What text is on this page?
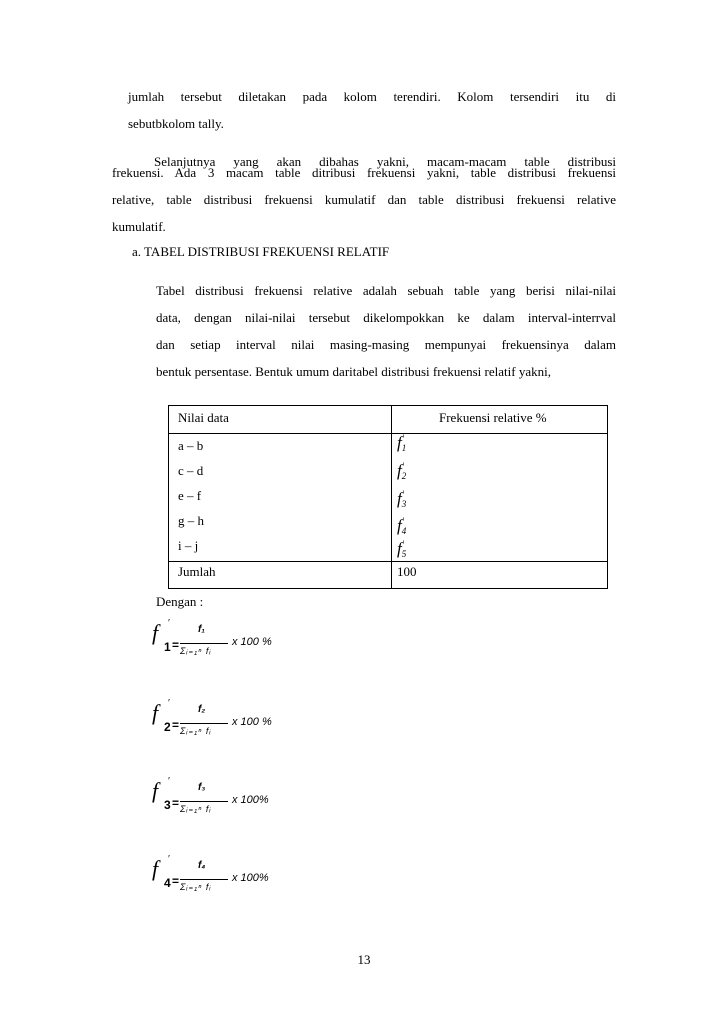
jumlah tersebut diletakan pada kolom terendiri. Kolom tersendiri itu di
sebutbkolom tally.
Selanjutnya yang akan dibahas yakni, macam-macam table distribusi
frekuensi. Ada 3 macam table ditribusi frekuensi yakni, table distribusi frekuensi
relative, table distribusi frekuensi kumulatif dan table distribusi frekuensi relative
kumulatif.
a. TABEL DISTRIBUSI FREKUENSI RELATIF
Tabel distribusi frekuensi relative adalah sebuah table yang berisi nilai-nilai
data, dengan nilai-nilai tersebut dikelompokkan ke dalam interval-interrval
dan setiap interval nilai masing-masing mempunyai frekuensinya dalam
bentuk persentase. Bentuk umum daritabel distribusi frekuensi relatif yakni,
Nilai data	Frekuensi relative %
a – b
c – d
e – f
g – h
i – j
$f_1'$
$f_2'$
$f_3'$
$f_4'$
$f_5'$
Jumlah	100
Dengan :
f ′
1 =
f₁
Σᵢ₌₁ⁿ fᵢ
x 100 %
f ′
2 =
f₂
Σᵢ₌₁ⁿ fᵢ
x 100 %
f ′
3 =
f₃
Σᵢ₌₁ⁿ fᵢ
x 100%
f ′
4 =
f₄
Σᵢ₌₁ⁿ fᵢ
x 100%
13
